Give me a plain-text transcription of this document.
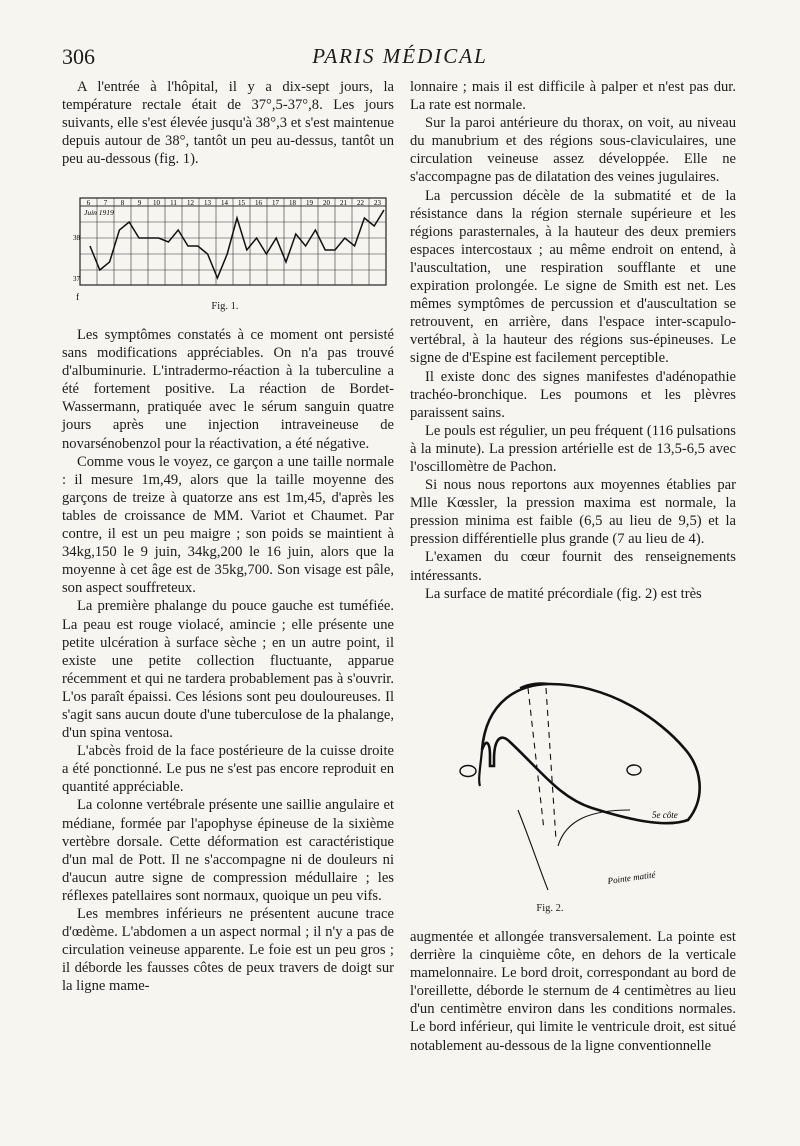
306	PARIS MÉDICAL

A l'entrée à l'hôpital, il y a dix-sept jours, la température rectale était de 37°,5-37°,8. Les jours suivants, elle s'est élevée jusqu'à 38°,3 et s'est maintenue depuis autour de 38°, tantôt un peu au-dessus, tantôt un peu au-dessous (fig. 1).

6 7 8 9 10 11 12 13 14 15 16 17 18 19 20 21 22 23
Juin 1919
38
37
f
Fig. 1.

Les symptômes constatés à ce moment ont persisté sans modifications appréciables. On n'a pas trouvé d'albuminurie. L'intradermo-réaction à la tuberculine a été fortement positive. La réaction de Bordet-Wassermann, pratiquée avec le sérum sanguin quatre jours après une injection intraveineuse de novarsénobenzol pour la réactivation, a été négative.

Comme vous le voyez, ce garçon a une taille normale : il mesure 1m,49, alors que la taille moyenne des garçons de treize à quatorze ans est 1m,45, d'après les tables de croissance de MM. Variot et Chaumet. Par contre, il est un peu maigre ; son poids se maintient à 34kg,150 le 9 juin, 34kg,200 le 16 juin, alors que la moyenne à cet âge est de 35kg,700. Son visage est pâle, son aspect souffreteux.

La première phalange du pouce gauche est tuméfiée. La peau est rouge violacé, amincie ; elle présente une petite ulcération à surface sèche ; en un autre point, il existe une petite collection fluctuante, apparue récemment et qui ne tardera probablement pas à s'ouvrir. L'os paraît épaissi. Ces lésions sont peu douloureuses. Il s'agit sans aucun doute d'une tuberculose de la phalange, d'un spina ventosa.

L'abcès froid de la face postérieure de la cuisse droite a été ponctionné. Le pus ne s'est pas encore reproduit en quantité appréciable.

La colonne vertébrale présente une saillie angulaire et médiane, formée par l'apophyse épineuse de la sixième vertèbre dorsale. Cette déformation est caractéristique d'un mal de Pott. Il ne s'accompagne ni de douleurs ni d'aucun autre signe de compression médullaire ; les réflexes patellaires sont normaux, quoique un peu vifs.

Les membres inférieurs ne présentent aucune trace d'œdème. L'abdomen a un aspect normal ; il n'y a pas de circulation veineuse apparente. Le foie est un peu gros ; il déborde les fausses côtes de peux travers de doigt sur la ligne mame-

lonnaire ; mais il est difficile à palper et n'est pas dur. La rate est normale.

Sur la paroi antérieure du thorax, on voit, au niveau du manubrium et des régions sous-claviculaires, une circulation veineuse assez développée. Elle ne s'accompagne pas de dilatation des veines jugulaires.

La percussion décèle de la submatité et de la résistance dans la région sternale supérieure et les régions parasternales, à la hauteur des deux premiers espaces intercostaux ; au même endroit on entend, à l'auscultation, une respiration soufflante et une expiration prolongée. Le signe de Smith est net. Les mêmes symptômes de percussion et d'auscultation se retrouvent, en arrière, dans l'espace inter-scapulo-vertébral, à la hauteur des régions sus-épineuses. Le signe de d'Espine est facilement perceptible.

Il existe donc des signes manifestes d'adénopathie trachéo-bronchique. Les poumons et les plèvres paraissent sains.

Le pouls est régulier, un peu fréquent (116 pulsations à la minute). La pression artérielle est de 13,5-6,5 avec l'oscillomètre de Pachon.

Si nous nous reportons aux moyennes établies par Mlle Kœssler, la pression maxima est normale, la pression minima est faible (6,5 au lieu de 9,5) et la pression différentielle plus grande (7 au lieu de 4).

L'examen du cœur fournit des renseignements intéressants.

La surface de matité précordiale (fig. 2) est très

5e côte
Pointe matité
Fig. 2.

augmentée et allongée transversalement. La pointe est derrière la cinquième côte, en dehors de la verticale mamelonnaire. Le bord droit, correspondant au bord de l'oreillette, déborde le sternum de 4 centimètres au lieu d'un centimètre environ dans les conditions normales. Le bord inférieur, qui limite le ventricule droit, est situé notablement au-dessous de la ligne conventionnelle
